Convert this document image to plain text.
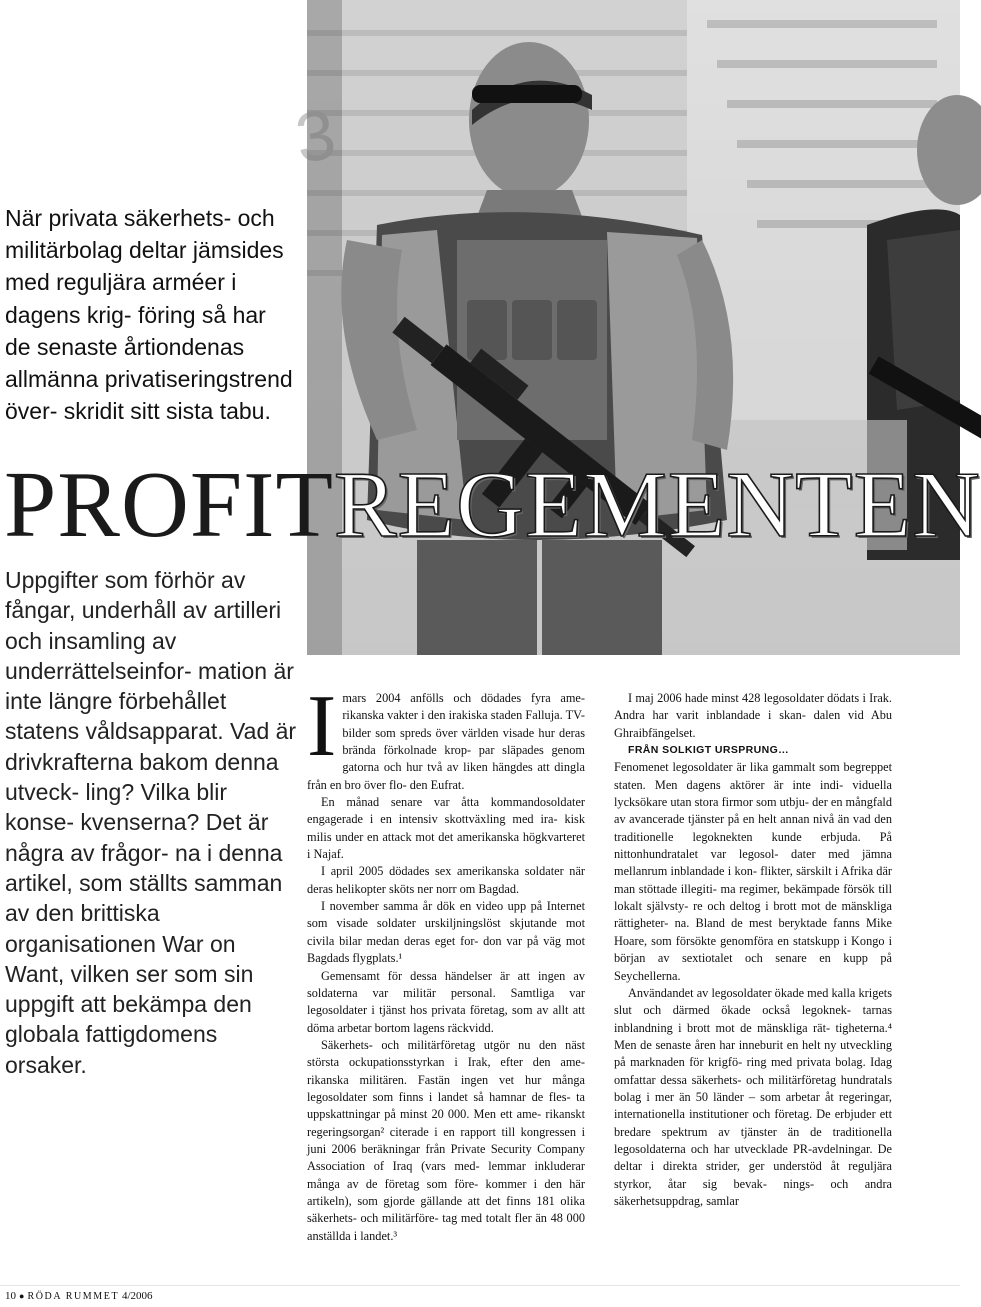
3
När privata säkerhets- och militärbolag deltar jämsides med reguljära arméer i dagens krig- föring så har de senaste årtiondenas allmänna privatiseringstrend över- skridit sitt sista tabu.
PROFITREGEMENTEN
Uppgifter som förhör av fångar, underhåll av artilleri och insamling av underrättelseinfor- mation är inte längre förbehållet statens våldsapparat. Vad är drivkrafterna bakom denna utveck- ling? Vilka blir konse- kvenserna? Det är några av frågor- na i denna artikel, som ställts samman av den brittiska organisationen War on Want, vilken ser som sin uppgift att bekämpa den globala fattigdomens orsaker.

Imars 2004 anfölls och dödades fyra ame- rikanska vakter i den irakiska staden Falluja. TV-bilder som spreds över världen visade hur deras brända förkolnade krop- par släpades genom gatorna och hur två av liken hängdes att dingla från en bro över flo- den Eufrat.

En månad senare var åtta kommandosoldater engagerade i en intensiv skottväxling med ira- kisk milis under en attack mot det amerikanska högkvarteret i Najaf.

I april 2005 dödades sex amerikanska soldater när deras helikopter sköts ner norr om Bagdad.

I november samma år dök en video upp på Internet som visade soldater urskiljningslöst skjutande mot civila bilar medan deras eget for- don var på väg mot Bagdads flygplats.¹

Gemensamt för dessa händelser är att ingen av soldaterna var militär personal. Samtliga var legosoldater i tjänst hos privata företag, som av allt att döma arbetar bortom lagens räckvidd.

Säkerhets- och militärföretag utgör nu den näst största ockupationsstyrkan i Irak, efter den ame- rikanska militären. Fastän ingen vet hur många legosoldater som finns i landet så hamnar de fles- ta uppskattningar på minst 20 000. Men ett ame- rikanskt regeringsorgan² citerade i en rapport till kongressen i juni 2006 beräkningar från Private Security Company Association of Iraq (vars med- lemmar inkluderar många av de företag som före- kommer i den här artikeln), som gjorde gällande att det finns 181 olika säkerhets- och militärföre- tag med totalt fler än 48 000 anställda i landet.³

I maj 2006 hade minst 428 legosoldater dödats i Irak. Andra har varit inblandade i skan- dalen vid Abu Ghraibfängelset.

FRÅN SOLKIGT URSPRUNG…

Fenomenet legosoldater är lika gammalt som begreppet staten. Men dagens aktörer är inte indi- viduella lycksökare utan stora firmor som utbju- der en mångfald av avancerade tjänster på en helt annan nivå än vad den traditionelle legoknekten kunde erbjuda. På nittonhundratalet var legosol- dater med jämna mellanrum inblandade i kon- flikter, särskilt i Afrika där man stöttade illegiti- ma regimer, bekämpade försök till lokalt självsty- re och deltog i brott mot de mänskliga rättigheter- na. Bland de mest beryktade fanns Mike Hoare, som försökte genomföra en statskupp i Kongo i början av sextiotalet och senare en kupp på Seychellerna.

Användandet av legosoldater ökade med kalla krigets slut och därmed ökade också legoknek- tarnas inblandning i brott mot de mänskliga rät- tigheterna.⁴ Men de senaste åren har inneburit en helt ny utveckling på marknaden för krigfö- ring med privata bolag. Idag omfattar dessa säkerhets- och militärföretag hundratals bolag i mer än 50 länder – som arbetar åt regeringar, internationella institutioner och företag. De erbjuder ett bredare spektrum av tjänster än de traditionella legosoldaterna och har utvecklade PR-avdelningar. De deltar i direkta strider, ger understöd åt reguljära styrkor, åtar sig bevak- nings- och andra säkerhetsuppdrag, samlar

10 ● RÖDA RUMMET 4/2006
